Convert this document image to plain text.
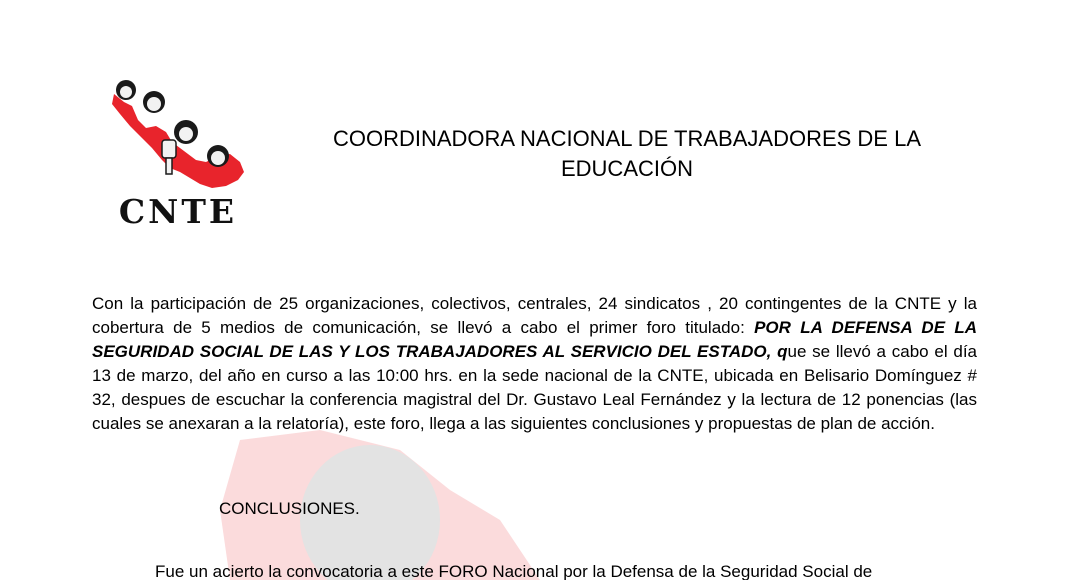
CNTE
COORDINADORA NACIONAL DE TRABAJADORES DE LA EDUCACIÓN
Con la participación de 25 organizaciones, colectivos, centrales, 24 sindicatos , 20 contingentes de la CNTE y la cobertura de 5 medios de comunicación, se llevó a cabo el primer foro titulado: POR LA DEFENSA DE LA SEGURIDAD SOCIAL DE LAS Y LOS TRABAJADORES AL SERVICIO DEL ESTADO, que se llevó a cabo el día 13 de marzo, del año en curso a las 10:00 hrs. en la sede nacional de la CNTE, ubicada en Belisario Domínguez # 32, despues de escuchar la conferencia magistral del Dr. Gustavo Leal Fernández y la lectura de 12 ponencias (las cuales se anexaran a la relatoría), este foro, llega a las siguientes conclusiones y propuestas de plan de acción.
CONCLUSIONES.
Fue un acierto la convocatoria a este FORO Nacional por la Defensa de la Seguridad Social de
